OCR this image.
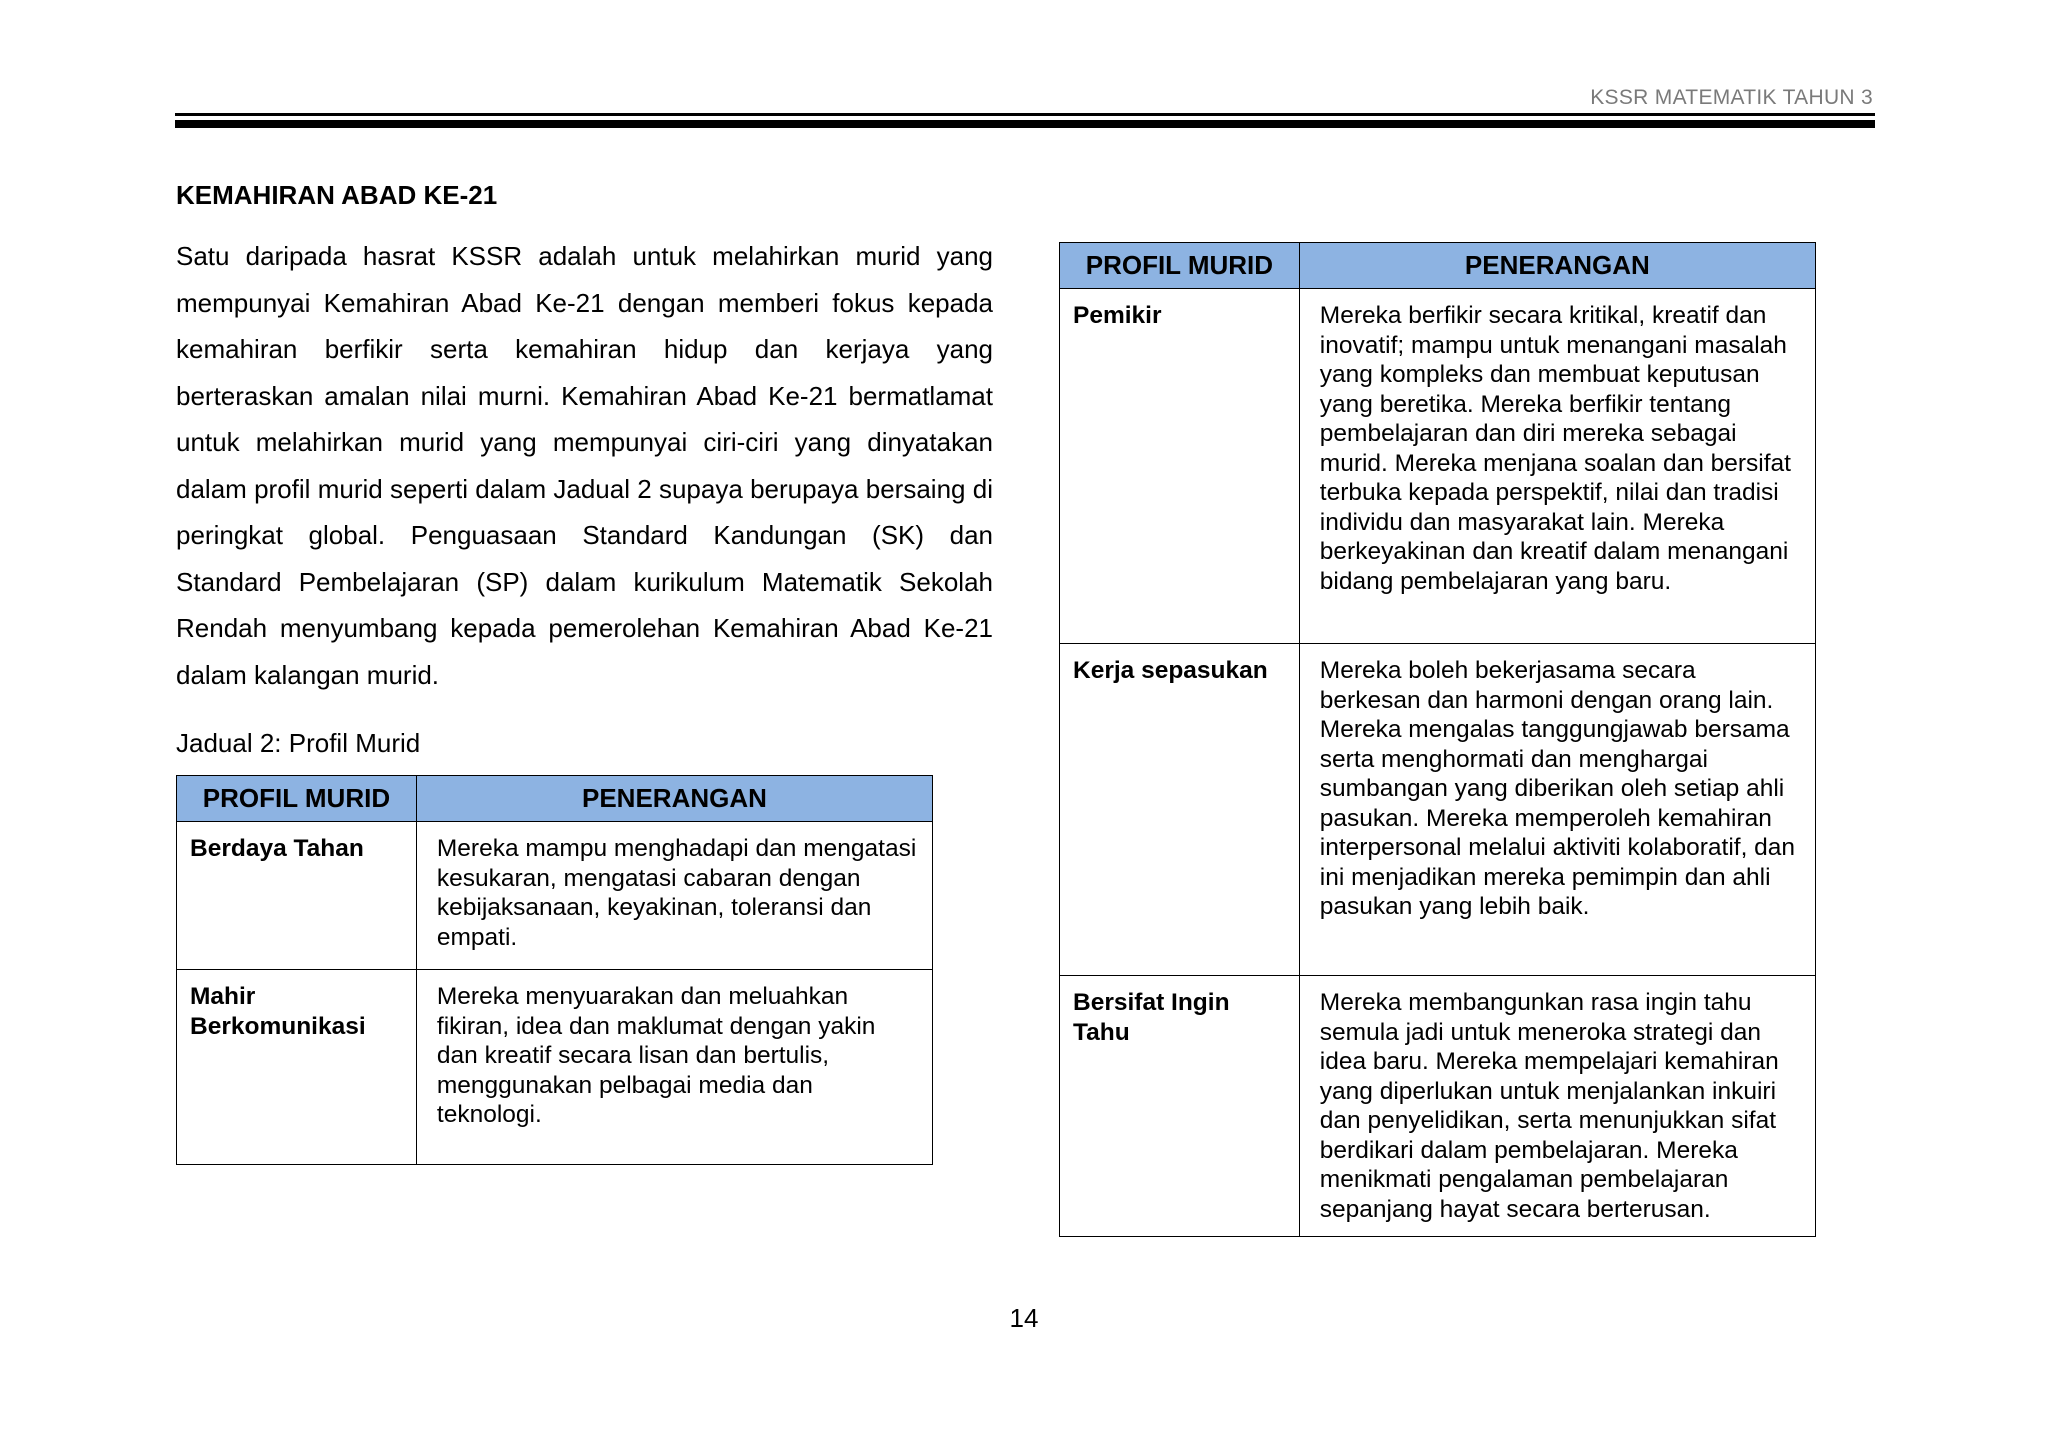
KSSR MATEMATIK TAHUN 3
KEMAHIRAN ABAD KE-21

Satu daripada hasrat KSSR adalah untuk melahirkan murid yang mempunyai Kemahiran Abad Ke-21 dengan memberi fokus kepada kemahiran berfikir serta kemahiran hidup dan kerjaya yang berteraskan amalan nilai murni. Kemahiran Abad Ke-21 bermatlamat untuk melahirkan murid yang mempunyai ciri-ciri yang dinyatakan dalam profil murid seperti dalam Jadual 2 supaya berupaya bersaing di peringkat global. Penguasaan Standard Kandungan (SK) dan Standard Pembelajaran (SP) dalam kurikulum Matematik Sekolah Rendah menyumbang kepada pemerolehan Kemahiran Abad Ke-21 dalam kalangan murid.

Jadual 2: Profil Murid
PROFIL MURID	PENERANGAN
Berdaya Tahan	Mereka mampu menghadapi dan mengatasi kesukaran, mengatasi cabaran dengan kebijaksanaan, keyakinan, toleransi dan empati.
Mahir Berkomunikasi	Mereka menyuarakan dan meluahkan fikiran, idea dan maklumat dengan yakin dan kreatif secara lisan dan bertulis, menggunakan pelbagai media dan teknologi.
PROFIL MURID	PENERANGAN
Pemikir	Mereka berfikir secara kritikal, kreatif dan inovatif; mampu untuk menangani masalah yang kompleks dan membuat keputusan yang beretika. Mereka berfikir tentang pembelajaran dan diri mereka sebagai murid. Mereka menjana soalan dan bersifat terbuka kepada perspektif, nilai dan tradisi individu dan masyarakat lain. Mereka berkeyakinan dan kreatif dalam menangani bidang pembelajaran yang baru.
Kerja sepasukan	Mereka boleh bekerjasama secara berkesan dan harmoni dengan orang lain. Mereka mengalas tanggungjawab bersama serta menghormati dan menghargai sumbangan yang diberikan oleh setiap ahli pasukan. Mereka memperoleh kemahiran interpersonal melalui aktiviti kolaboratif, dan ini menjadikan mereka pemimpin dan ahli pasukan yang lebih baik.
Bersifat Ingin Tahu	Mereka membangunkan rasa ingin tahu semula jadi untuk meneroka strategi dan idea baru. Mereka mempelajari kemahiran yang diperlukan untuk menjalankan inkuiri dan penyelidikan, serta menunjukkan sifat berdikari dalam pembelajaran. Mereka menikmati pengalaman pembelajaran sepanjang hayat secara berterusan.
14
